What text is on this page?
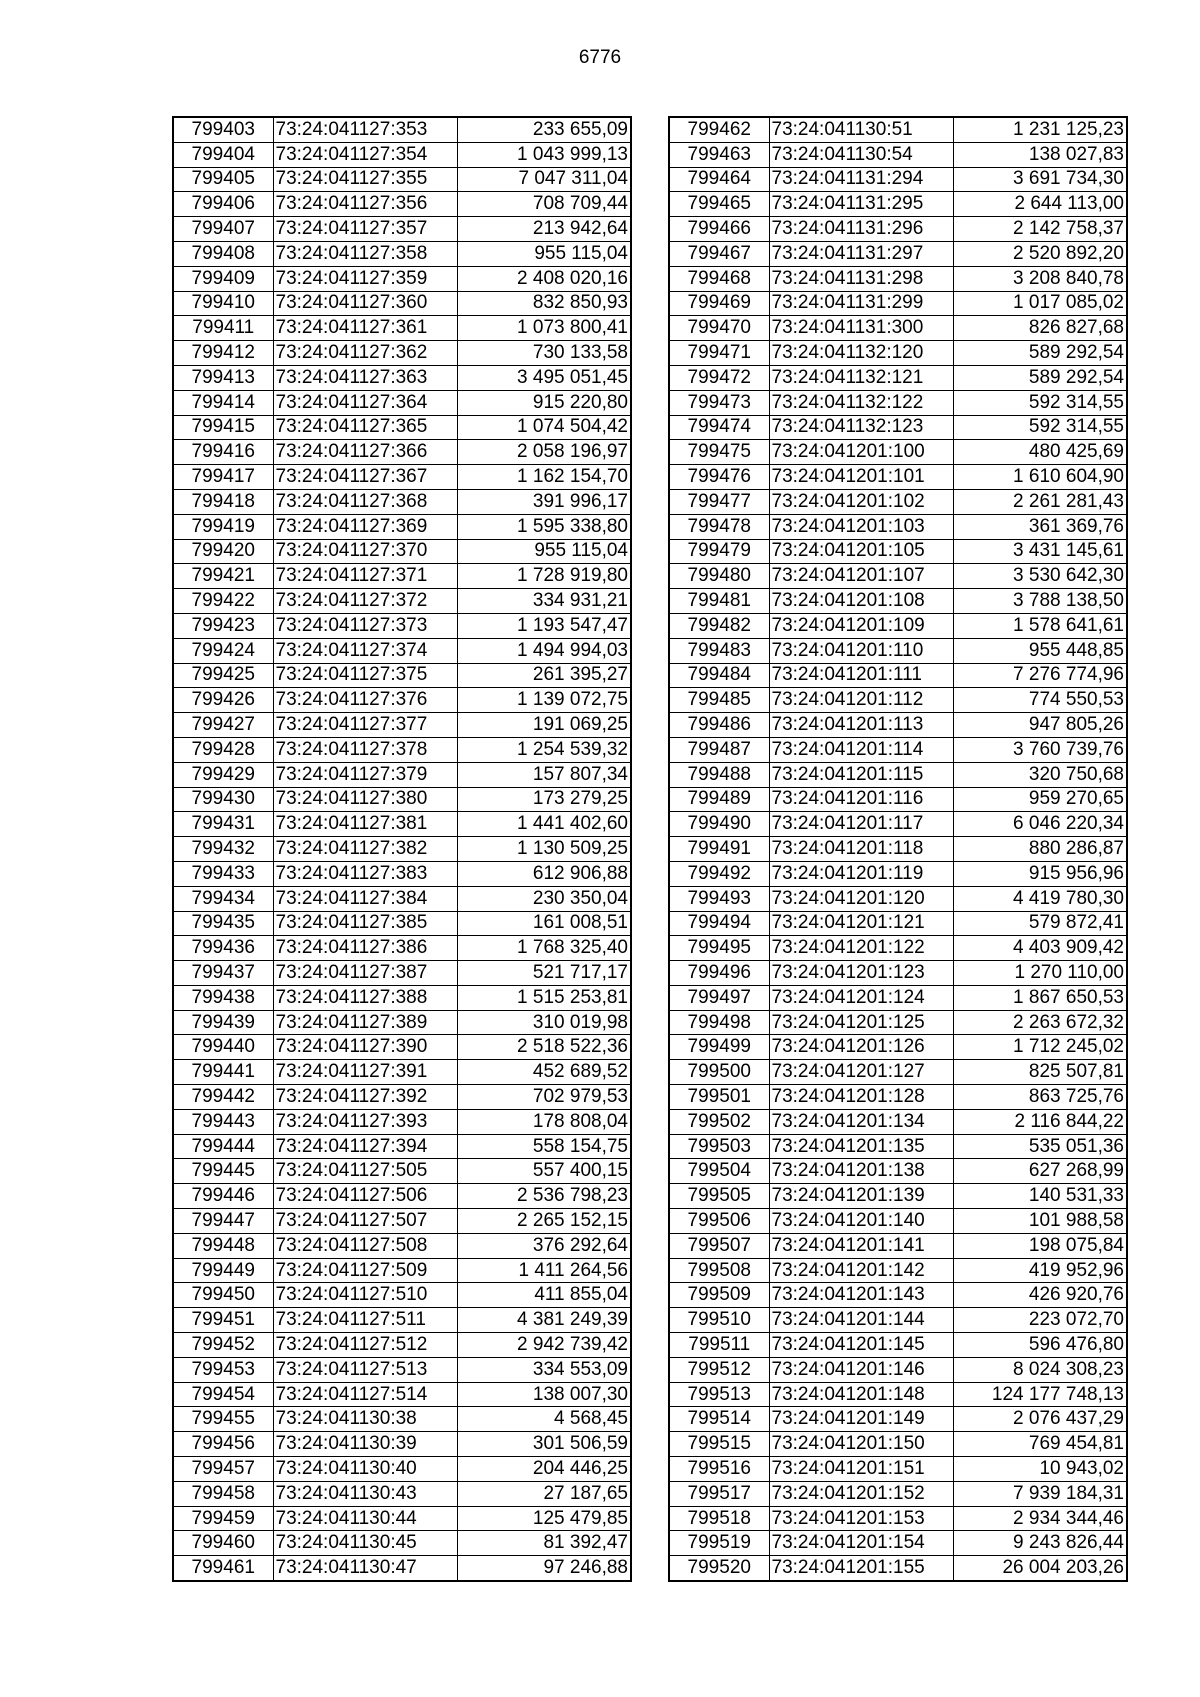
6776
799403	73:24:041127:353	233 655,09
799404	73:24:041127:354	1 043 999,13
799405	73:24:041127:355	7 047 311,04
799406	73:24:041127:356	708 709,44
799407	73:24:041127:357	213 942,64
799408	73:24:041127:358	955 115,04
799409	73:24:041127:359	2 408 020,16
799410	73:24:041127:360	832 850,93
799411	73:24:041127:361	1 073 800,41
799412	73:24:041127:362	730 133,58
799413	73:24:041127:363	3 495 051,45
799414	73:24:041127:364	915 220,80
799415	73:24:041127:365	1 074 504,42
799416	73:24:041127:366	2 058 196,97
799417	73:24:041127:367	1 162 154,70
799418	73:24:041127:368	391 996,17
799419	73:24:041127:369	1 595 338,80
799420	73:24:041127:370	955 115,04
799421	73:24:041127:371	1 728 919,80
799422	73:24:041127:372	334 931,21
799423	73:24:041127:373	1 193 547,47
799424	73:24:041127:374	1 494 994,03
799425	73:24:041127:375	261 395,27
799426	73:24:041127:376	1 139 072,75
799427	73:24:041127:377	191 069,25
799428	73:24:041127:378	1 254 539,32
799429	73:24:041127:379	157 807,34
799430	73:24:041127:380	173 279,25
799431	73:24:041127:381	1 441 402,60
799432	73:24:041127:382	1 130 509,25
799433	73:24:041127:383	612 906,88
799434	73:24:041127:384	230 350,04
799435	73:24:041127:385	161 008,51
799436	73:24:041127:386	1 768 325,40
799437	73:24:041127:387	521 717,17
799438	73:24:041127:388	1 515 253,81
799439	73:24:041127:389	310 019,98
799440	73:24:041127:390	2 518 522,36
799441	73:24:041127:391	452 689,52
799442	73:24:041127:392	702 979,53
799443	73:24:041127:393	178 808,04
799444	73:24:041127:394	558 154,75
799445	73:24:041127:505	557 400,15
799446	73:24:041127:506	2 536 798,23
799447	73:24:041127:507	2 265 152,15
799448	73:24:041127:508	376 292,64
799449	73:24:041127:509	1 411 264,56
799450	73:24:041127:510	411 855,04
799451	73:24:041127:511	4 381 249,39
799452	73:24:041127:512	2 942 739,42
799453	73:24:041127:513	334 553,09
799454	73:24:041127:514	138 007,30
799455	73:24:041130:38	4 568,45
799456	73:24:041130:39	301 506,59
799457	73:24:041130:40	204 446,25
799458	73:24:041130:43	27 187,65
799459	73:24:041130:44	125 479,85
799460	73:24:041130:45	81 392,47
799461	73:24:041130:47	97 246,88
799462	73:24:041130:51	1 231 125,23
799463	73:24:041130:54	138 027,83
799464	73:24:041131:294	3 691 734,30
799465	73:24:041131:295	2 644 113,00
799466	73:24:041131:296	2 142 758,37
799467	73:24:041131:297	2 520 892,20
799468	73:24:041131:298	3 208 840,78
799469	73:24:041131:299	1 017 085,02
799470	73:24:041131:300	826 827,68
799471	73:24:041132:120	589 292,54
799472	73:24:041132:121	589 292,54
799473	73:24:041132:122	592 314,55
799474	73:24:041132:123	592 314,55
799475	73:24:041201:100	480 425,69
799476	73:24:041201:101	1 610 604,90
799477	73:24:041201:102	2 261 281,43
799478	73:24:041201:103	361 369,76
799479	73:24:041201:105	3 431 145,61
799480	73:24:041201:107	3 530 642,30
799481	73:24:041201:108	3 788 138,50
799482	73:24:041201:109	1 578 641,61
799483	73:24:041201:110	955 448,85
799484	73:24:041201:111	7 276 774,96
799485	73:24:041201:112	774 550,53
799486	73:24:041201:113	947 805,26
799487	73:24:041201:114	3 760 739,76
799488	73:24:041201:115	320 750,68
799489	73:24:041201:116	959 270,65
799490	73:24:041201:117	6 046 220,34
799491	73:24:041201:118	880 286,87
799492	73:24:041201:119	915 956,96
799493	73:24:041201:120	4 419 780,30
799494	73:24:041201:121	579 872,41
799495	73:24:041201:122	4 403 909,42
799496	73:24:041201:123	1 270 110,00
799497	73:24:041201:124	1 867 650,53
799498	73:24:041201:125	2 263 672,32
799499	73:24:041201:126	1 712 245,02
799500	73:24:041201:127	825 507,81
799501	73:24:041201:128	863 725,76
799502	73:24:041201:134	2 116 844,22
799503	73:24:041201:135	535 051,36
799504	73:24:041201:138	627 268,99
799505	73:24:041201:139	140 531,33
799506	73:24:041201:140	101 988,58
799507	73:24:041201:141	198 075,84
799508	73:24:041201:142	419 952,96
799509	73:24:041201:143	426 920,76
799510	73:24:041201:144	223 072,70
799511	73:24:041201:145	596 476,80
799512	73:24:041201:146	8 024 308,23
799513	73:24:041201:148	124 177 748,13
799514	73:24:041201:149	2 076 437,29
799515	73:24:041201:150	769 454,81
799516	73:24:041201:151	10 943,02
799517	73:24:041201:152	7 939 184,31
799518	73:24:041201:153	2 934 344,46
799519	73:24:041201:154	9 243 826,44
799520	73:24:041201:155	26 004 203,26
